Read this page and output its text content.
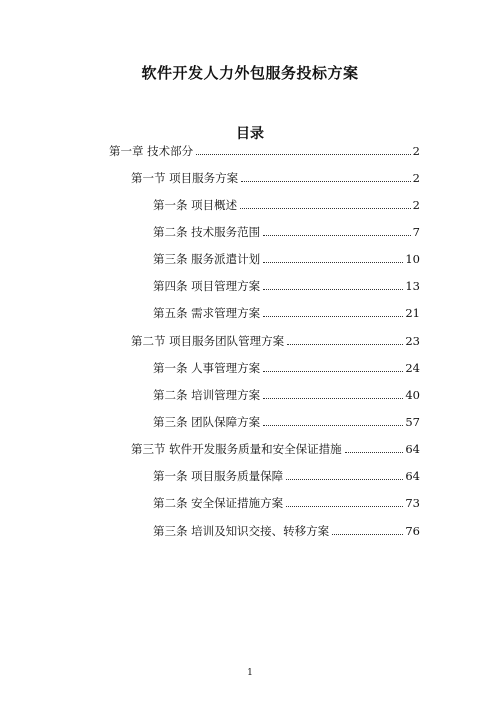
软件开发人力外包服务投标方案
目录
第一章 技术部分	2
第一节 项目服务方案	2
第一条 项目概述	2
第二条 技术服务范围	7
第三条 服务派遣计划	10
第四条 项目管理方案	13
第五条 需求管理方案	21
第二节 项目服务团队管理方案	23
第一条 人事管理方案	24
第二条 培训管理方案	40
第三条 团队保障方案	57
第三节 软件开发服务质量和安全保证措施	64
第一条 项目服务质量保障	64
第二条 安全保证措施方案	73
第三条 培训及知识交接、转移方案	76
1
